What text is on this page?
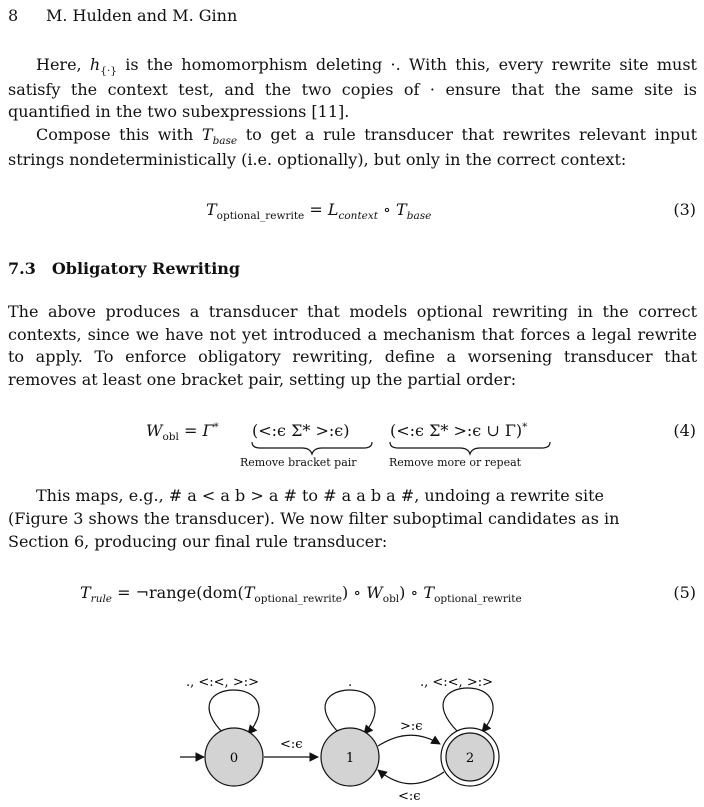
8 M. Hulden and M. Ginn
Here, $h_{\{\cdot\}}$ is the homomorphism deleting ·. With this, every rewrite site must satisfy the context test, and the two copies of · ensure that the same site is quantified in the two subexpressions [11].
Compose this with $T_{base}$ to get a rule transducer that rewrites relevant input strings nondeterministically (i.e. optionally), but only in the correct context:
$T_{optional\_rewrite} = L_{context}$ ∘ $T_{base}$	(3)
7.3 Obligatory Rewriting
The above produces a transducer that models optional rewriting in the correct contexts, since we have not yet introduced a mechanism that forces a legal rewrite to apply. To enforce obligatory rewriting, define a worsening transducer that removes at least one bracket pair, setting up the partial order:
$W_{obl} = \Gamma^*$ (<:ϵ Σ* >:ϵ)	(<:ϵ Σ* >:ϵ ∪ Γ)*
Remove bracket pair	Remove more or repeat
(4)
This maps, e.g., # a < a b > a # to # a a b a #, undoing a rewrite site
(Figure 3 shows the transducer). We now filter suboptimal candidates as in
Section 6, producing our final rule transducer:
$T_{rule}$ = $\neg range(dom(T_{optional\_rewrite})$ ∘ $W_{obl}$) ∘ $T_{optional\_rewrite}$	(5)
., <:<, >:>	.	., <:<, >:>
<:ϵ
>:ϵ
<:ϵ
0	1	2
